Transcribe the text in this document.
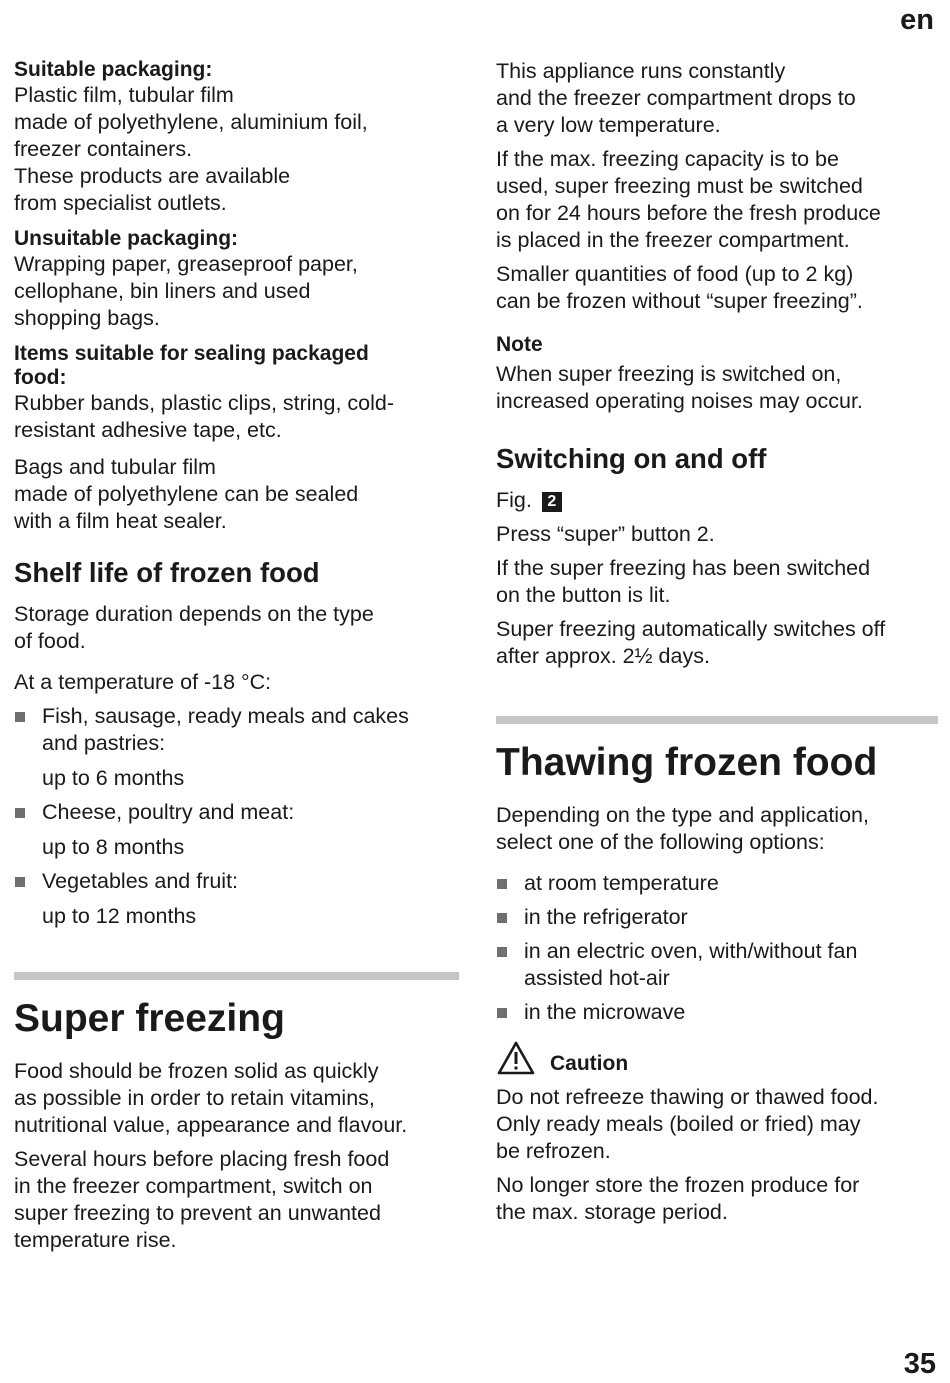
en
Suitable packaging:

Plastic film, tubular film
made of polyethylene, aluminium foil,
freezer containers.
These products are available
from specialist outlets.

Unsuitable packaging:

Wrapping paper, greaseproof paper,
cellophane, bin liners and used
shopping bags.

Items suitable for sealing packaged
food:

Rubber bands, plastic clips, string, cold-
resistant adhesive tape, etc.

Bags and tubular film
made of polyethylene can be sealed
with a film heat sealer.

Shelf life of frozen food

Storage duration depends on the type
of food.

At a temperature of -18 °C:

Fish, sausage, ready meals and cakes
and pastries:
up to 6 months
Cheese, poultry and meat:
up to 8 months
Vegetables and fruit:
up to 12 months
Super freezing

Food should be frozen solid as quickly
as possible in order to retain vitamins,
nutritional value, appearance and flavour.

Several hours before placing fresh food
in the freezer compartment, switch on
super freezing to prevent an unwanted
temperature rise.

This appliance runs constantly
and the freezer compartment drops to
a very low temperature.

If the max. freezing capacity is to be
used, super freezing must be switched
on for 24 hours before the fresh produce
is placed in the freezer compartment.

Smaller quantities of food (up to 2 kg)
can be frozen without “super freezing”.

Note

When super freezing is switched on,
increased operating noises may occur.

Switching on and off

Fig. 2

Press “super” button 2.

If the super freezing has been switched
on the button is lit.

Super freezing automatically switches off
after approx. 2½ days.

Thawing frozen food

Depending on the type and application,
select one of the following options:

at room temperature
in the refrigerator
in an electric oven, with/without fan
assisted hot-air
in the microwave
Caution

Do not refreeze thawing or thawed food.
Only ready meals (boiled or fried) may
be refrozen.

No longer store the frozen produce for
the max. storage period.

35
